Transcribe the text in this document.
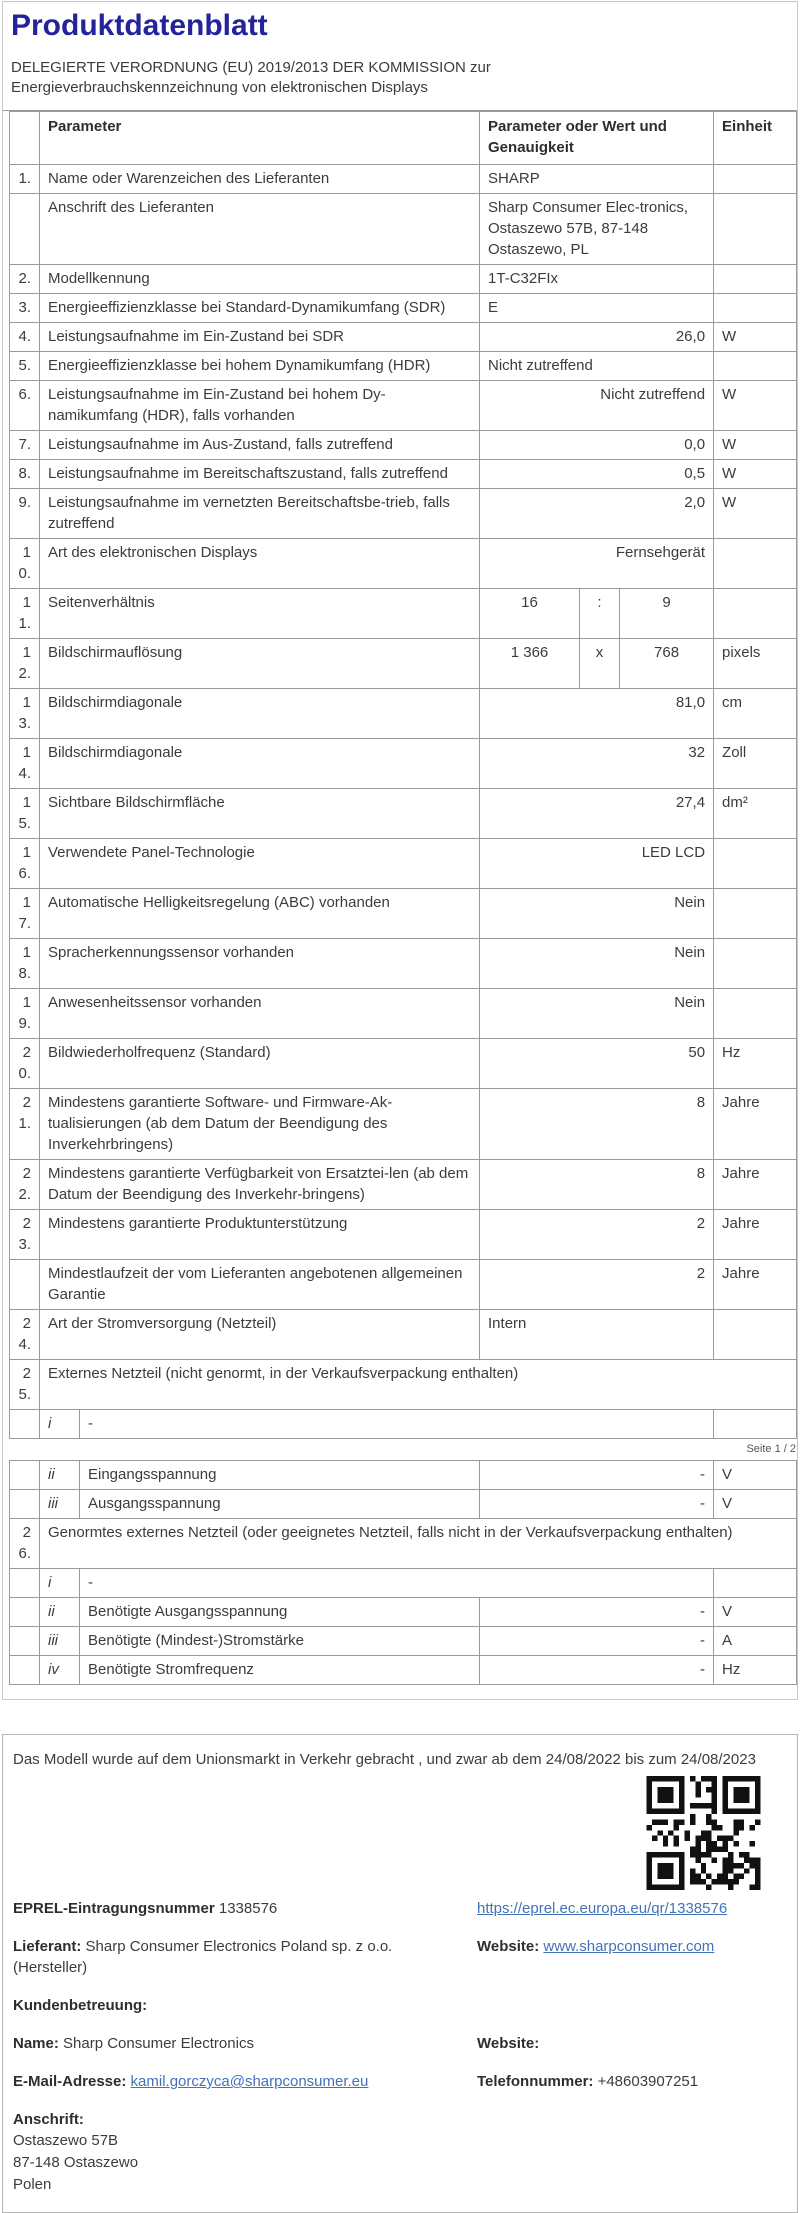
Produktdatenblatt
DELEGIERTE VERORDNUNG (EU) 2019/2013 DER KOMMISSION zur
Energieverbrauchskennzeichnung von elektronischen Displays
	Parameter		Parameter oder Wert und Genauigkeit			Einheit
1.	Name oder Warenzeichen des Lieferanten		SHARP			
	Anschrift des Lieferanten		Sharp Consumer Elec-tronics, Ostaszewo 57B, 87-148 Ostaszewo, PL			
2.	Modellkennung		1T-C32FIx			
3.	Energieeffizienzklasse bei Standard-Dynamikumfang (SDR)		E			
4.	Leistungsaufnahme im Ein-Zustand bei SDR		26,0			W
5.	Energieeffizienzklasse bei hohem Dynamikumfang (HDR)		Nicht zutreffend			
6.	Leistungsaufnahme im Ein-Zustand bei hohem Dy-namikumfang (HDR), falls vorhanden		Nicht zutreffend			W
7.	Leistungsaufnahme im Aus-Zustand, falls zutreffend		0,0			W
8.	Leistungsaufnahme im Bereitschaftszustand, falls zutreffend		0,5			W
9.	Leistungsaufnahme im vernetzten Bereitschaftsbe-trieb, falls zutreffend		2,0			W
10.	Art des elektronischen Displays		Fernsehgerät			
11.	Seitenverhältnis		16	:	9	
12.	Bildschirmauflösung		1 366	x	768	pixels
13.	Bildschirmdiagonale		81,0			cm
14.	Bildschirmdiagonale		32			Zoll
15.	Sichtbare Bildschirmfläche		27,4			dm²
16.	Verwendete Panel-Technologie		LED LCD			
17.	Automatische Helligkeitsregelung (ABC) vorhanden		Nein			
18.	Spracherkennungssensor vorhanden		Nein			
19.	Anwesenheitssensor vorhanden		Nein			
20.	Bildwiederholfrequenz (Standard)		50			Hz
21.	Mindestens garantierte Software- und Firmware-Ak-tualisierungen (ab dem Datum der Beendigung des Inverkehrbringens)		8			Jahre
22.	Mindestens garantierte Verfügbarkeit von Ersatztei-len (ab dem Datum der Beendigung des Inverkehr-bringens)		8			Jahre
23.	Mindestens garantierte Produktunterstützung		2			Jahre
	Mindestlaufzeit der vom Lieferanten angebotenen allgemeinen Garantie		2			Jahre
24.	Art der Stromversorgung (Netzteil)		Intern			
25.	Externes Netzteil (nicht genormt, in der Verkaufsverpackung enthalten)					
	i	-				
Seite 1 / 2
	ii	Eingangsspannung	-	V
	iii	Ausgangsspannung	-	V
26.	Genormtes externes Netzteil (oder geeignetes Netzteil, falls nicht in der Verkaufsverpackung enthalten)			
	i	-		
	ii	Benötigte Ausgangsspannung	-	V
	iii	Benötigte (Mindest-)Stromstärke	-	A
	iv	Benötigte Stromfrequenz	-	Hz
Das Modell wurde auf dem Unionsmarkt in Verkehr gebracht , und zwar ab dem 24/08/2022 bis zum 24/08/2023
EPREL-Eintragungsnummer 1338576	https://eprel.ec.europa.eu/qr/1338576
Lieferant: Sharp Consumer Electronics Poland sp. z o.o. (Hersteller)
Website: www.sharpconsumer.com
Kundenbetreuung:
Name: Sharp Consumer Electronics	Website:
E-Mail-Adresse: kamil.gorczyca@sharpconsumer.eu	Telefonnummer: +48603907251
Anschrift:
Ostaszewo 57B
87-148 Ostaszewo
Polen
